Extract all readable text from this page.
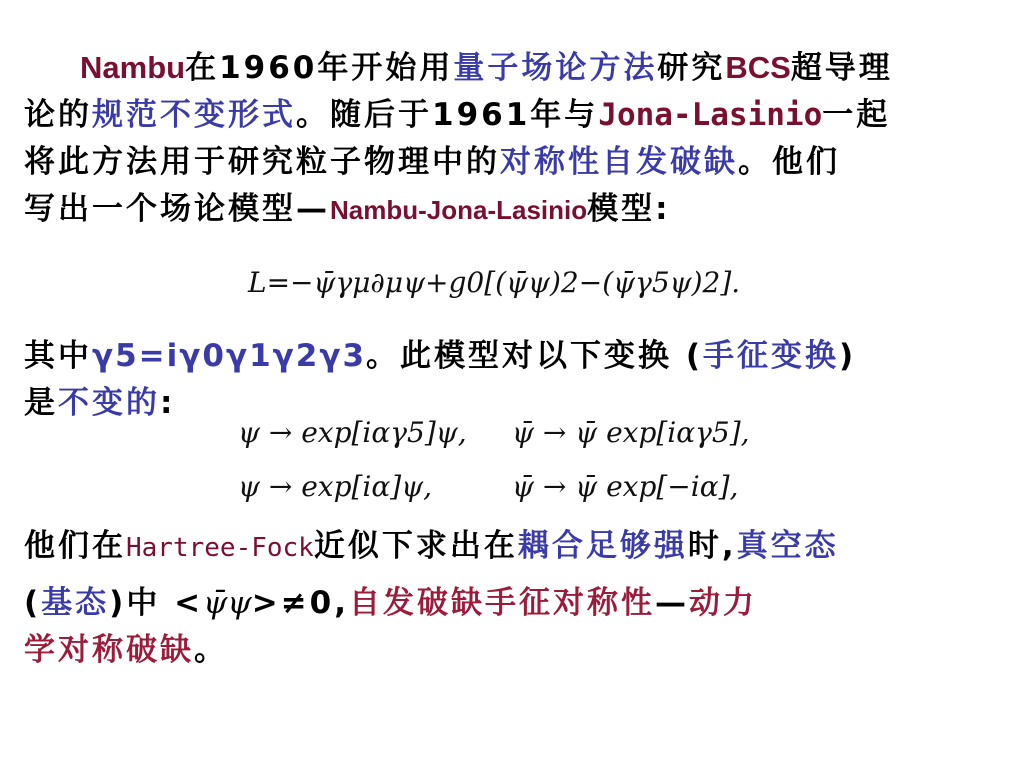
Nambu在1960年开始用量子场论方法研究BCS超导理
论的规范不变形式。随后于1961年与Jona-Lasinio一起
将此方法用于研究粒子物理中的对称性自发破缺。他们
写出一个场论模型—Nambu-Jona-Lasinio模型:
L=−ψ̄γμ∂μψ+g0[(ψ̄ψ)2−(ψ̄γ5ψ)2].
其中γ5=iγ0γ1γ2γ3。此模型对以下变换 (手征变换)
是不变的:
ψ → exp[iαγ5]ψ, ψ̄ → ψ̄ exp[iαγ5],
ψ → exp[iα]ψ,	ψ̄ → ψ̄ exp[−iα],
他们在Hartree-Fock近似下求出在耦合足够强时,真空态
(基态)中 <ψ̄ψ>≠0,自发破缺手征对称性—动力
学对称破缺。
